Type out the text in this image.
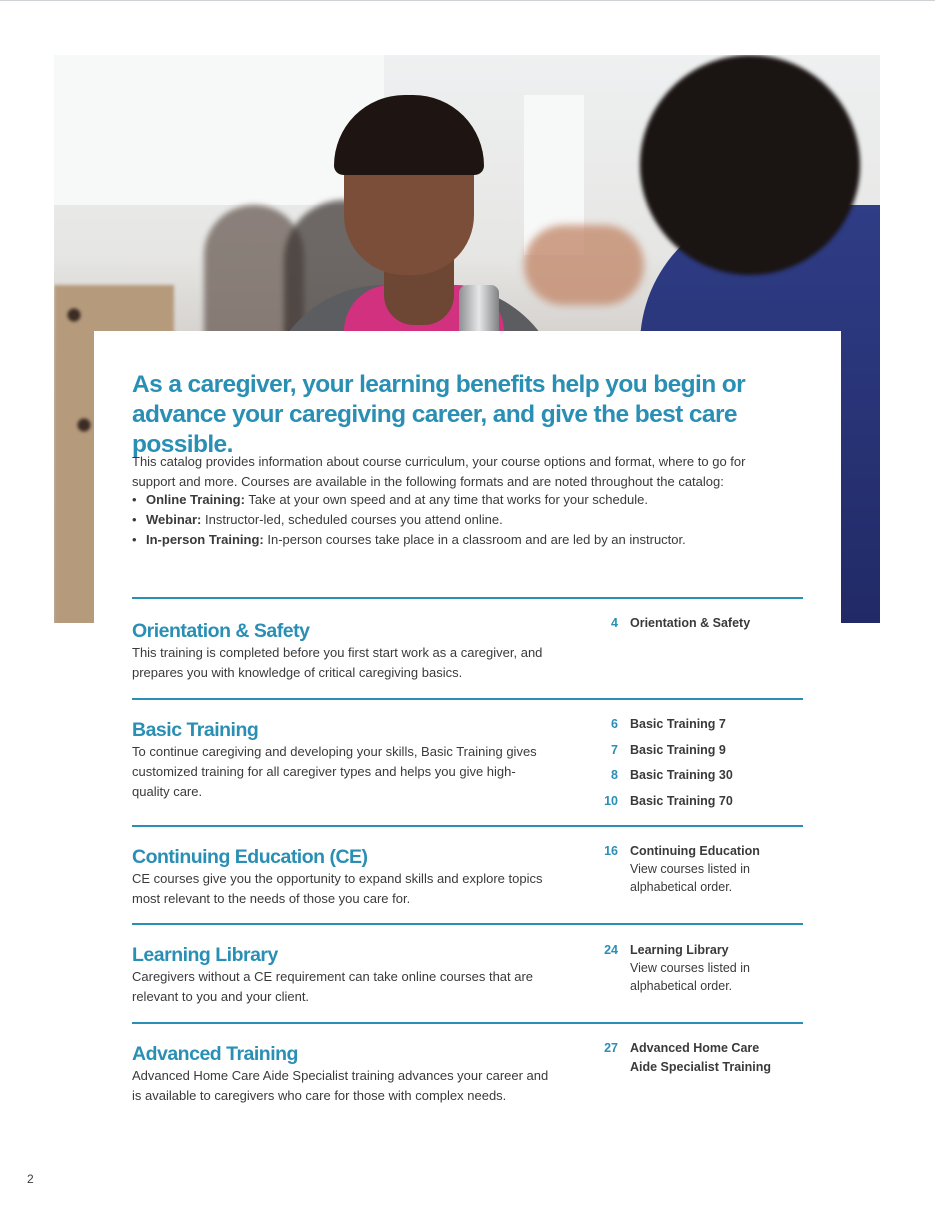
As a caregiver, your learning benefits help you begin or advance your caregiving career, and give the best care possible.

This catalog provides information about course curriculum, your course options and format, where to go for support and more. Courses are available in the following formats and are noted throughout the catalog:

• Online Training: Take at your own speed and at any time that works for your schedule.
• Webinar: Instructor-led, scheduled courses you attend online.
• In-person Training: In-person courses take place in a classroom and are led by an instructor.
Orientation & Safety

This training is completed before you first start work as a caregiver, and prepares you with knowledge of critical caregiving basics.

4 Orientation & Safety
Basic Training

To continue caregiving and developing your skills, Basic Training gives customized training for all caregiver types and helps you give high-quality care.

6 Basic Training 7
7 Basic Training 9
8 Basic Training 30
10 Basic Training 70
Continuing Education (CE)

CE courses give you the opportunity to expand skills and explore topics most relevant to the needs of those you care for.

16 Continuing Education
View courses listed in alphabetical order.
Learning Library

Caregivers without a CE requirement can take online courses that are relevant to you and your client.

24 Learning Library
View courses listed in alphabetical order.
Advanced Training

Advanced Home Care Aide Specialist training advances your career and is available to caregivers who care for those with complex needs.

27 Advanced Home Care
Aide Specialist Training
2
